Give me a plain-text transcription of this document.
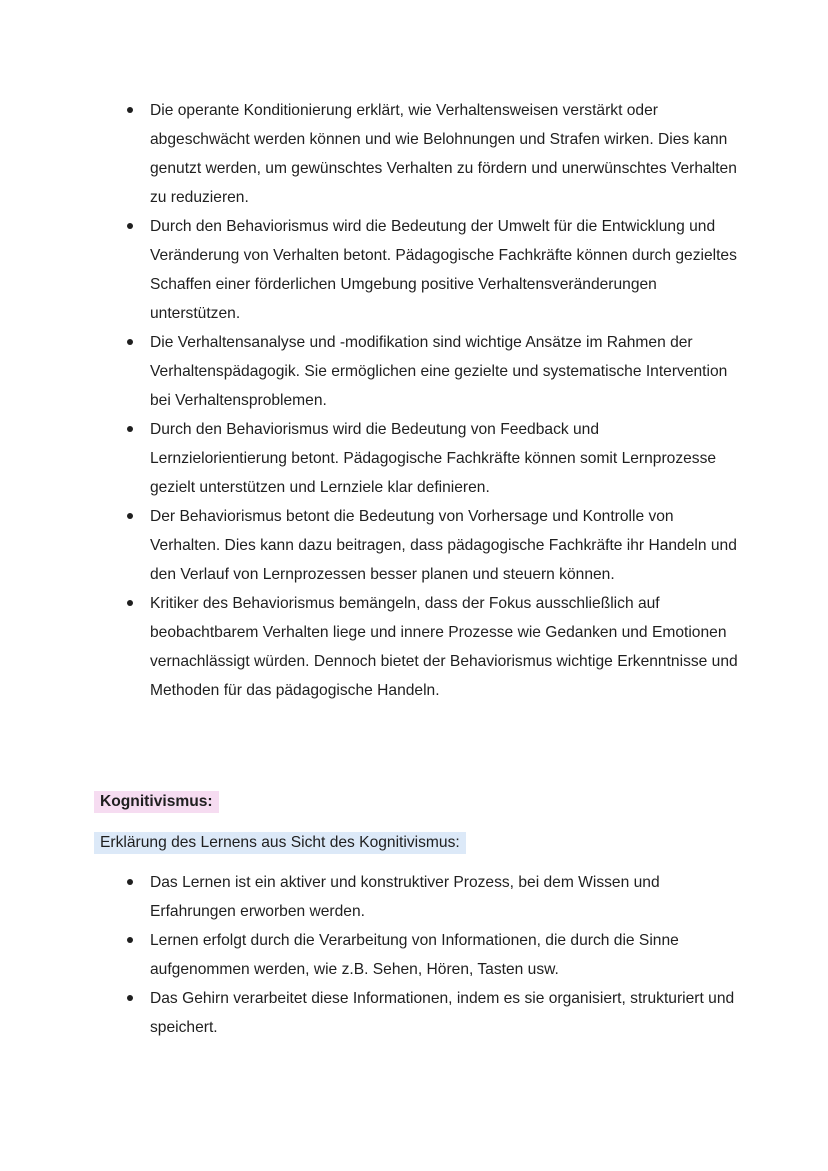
Die operante Konditionierung erklärt, wie Verhaltensweisen verstärkt oder abgeschwächt werden können und wie Belohnungen und Strafen wirken. Dies kann genutzt werden, um gewünschtes Verhalten zu fördern und unerwünschtes Verhalten zu reduzieren.
Durch den Behaviorismus wird die Bedeutung der Umwelt für die Entwicklung und Veränderung von Verhalten betont. Pädagogische Fachkräfte können durch gezieltes Schaffen einer förderlichen Umgebung positive Verhaltensveränderungen unterstützen.
Die Verhaltensanalyse und -modifikation sind wichtige Ansätze im Rahmen der Verhaltenspädagogik. Sie ermöglichen eine gezielte und systematische Intervention bei Verhaltensproblemen.
Durch den Behaviorismus wird die Bedeutung von Feedback und Lernzielorientierung betont. Pädagogische Fachkräfte können somit Lernprozesse gezielt unterstützen und Lernziele klar definieren.
Der Behaviorismus betont die Bedeutung von Vorhersage und Kontrolle von Verhalten. Dies kann dazu beitragen, dass pädagogische Fachkräfte ihr Handeln und den Verlauf von Lernprozessen besser planen und steuern können.
Kritiker des Behaviorismus bemängeln, dass der Fokus ausschließlich auf beobachtbarem Verhalten liege und innere Prozesse wie Gedanken und Emotionen vernachlässigt würden. Dennoch bietet der Behaviorismus wichtige Erkenntnisse und Methoden für das pädagogische Handeln.
Kognitivismus:
Erklärung des Lernens aus Sicht des Kognitivismus:
Das Lernen ist ein aktiver und konstruktiver Prozess, bei dem Wissen und Erfahrungen erworben werden.
Lernen erfolgt durch die Verarbeitung von Informationen, die durch die Sinne aufgenommen werden, wie z.B. Sehen, Hören, Tasten usw.
Das Gehirn verarbeitet diese Informationen, indem es sie organisiert, strukturiert und speichert.
